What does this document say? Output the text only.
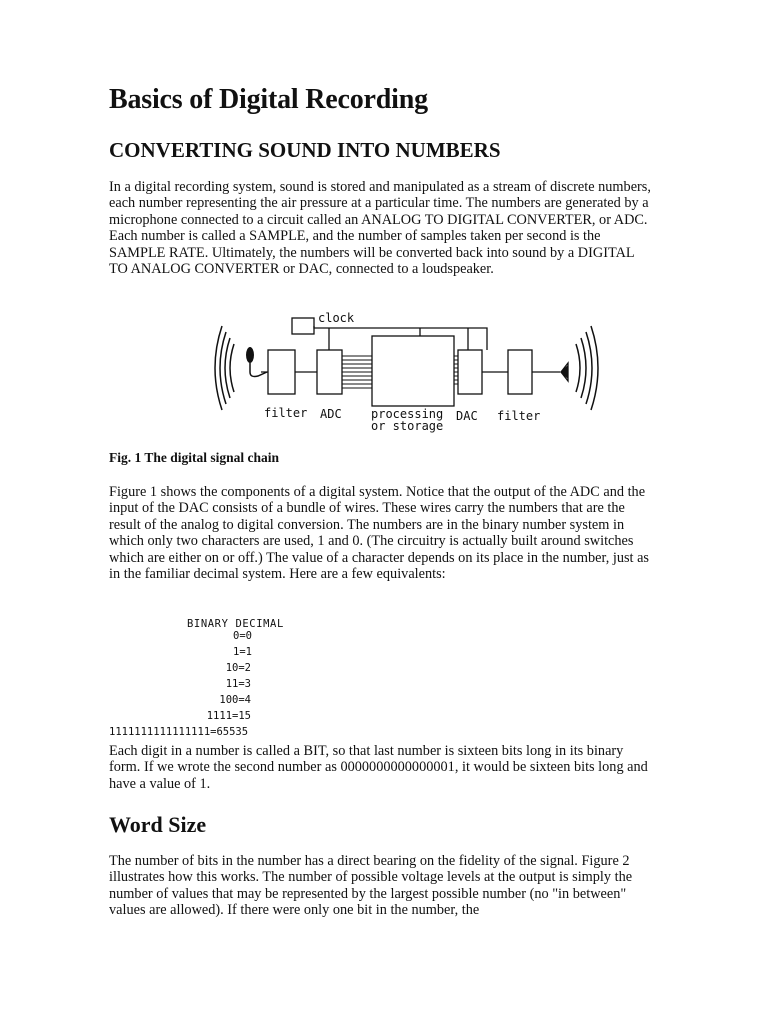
Basics of Digital Recording
CONVERTING SOUND INTO NUMBERS

In a digital recording system, sound is stored and manipulated as a stream of discrete numbers, each number representing the air pressure at a particular time. The numbers are generated by a microphone connected to a circuit called an ANALOG TO DIGITAL CONVERTER, or ADC. Each number is called a SAMPLE, and the number of samples taken per second is the SAMPLE RATE. Ultimately, the numbers will be converted back into sound by a DIGITAL TO ANALOG CONVERTER or DAC, connected to a loudspeaker.

clock
filter ADC processing
or storage
DAC filter

Fig. 1 The digital signal chain

Figure 1 shows the components of a digital system. Notice that the output of the ADC and the input of the DAC consists of a bundle of wires. These wires carry the numbers that are the result of the analog to digital conversion. The numbers are in the binary number system in which only two characters are used, 1 and 0. (The circuitry is actually built around switches which are either on or off.) The value of a character depends on its place in the number, just as in the familiar decimal system. Here are a few equivalents:

BINARY DECIMAL
0=0
1=1
10=2
11=3
100=4
1111=15
1111111111111111=65535

Each digit in a number is called a BIT, so that last number is sixteen bits long in its binary form. If we wrote the second number as 0000000000000001, it would be sixteen bits long and have a value of 1.

Word Size

The number of bits in the number has a direct bearing on the fidelity of the signal. Figure 2 illustrates how this works. The number of possible voltage levels at the output is simply the number of values that may be represented by the largest possible number (no "in between" values are allowed). If there were only one bit in the number, the
